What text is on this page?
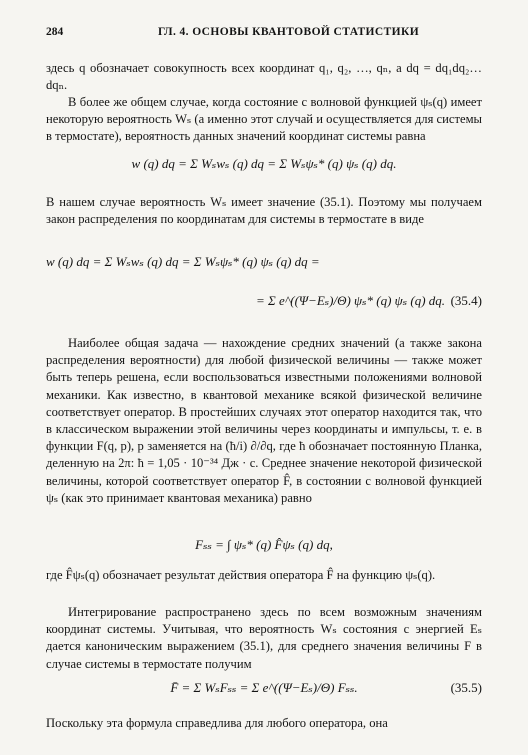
284	ГЛ. 4. ОСНОВЫ КВАНТОВОЙ СТАТИСТИКИ

здесь q обозначает совокупность всех координат q₁, q₂, …, qₙ, а dq = dq₁dq₂…dqₙ.

В более же общем случае, когда состояние с волновой функцией ψₛ(q) имеет некоторую вероятность Wₛ (а именно этот случай и осуществляется для системы в термостате), вероятность данных значений координат системы равна

w (q) dq = Σ Wₛwₛ (q) dq = Σ Wₛψₛ* (q) ψₛ (q) dq.

В нашем случае вероятность Wₛ имеет значение (35.1). Поэтому мы получаем закон распределения по координатам для системы в термостате в виде

w (q) dq = Σ Wₛwₛ (q) dq = Σ Wₛψₛ* (q) ψₛ (q) dq =
= Σ e^((Ψ−Eₛ)/Θ) ψₛ* (q) ψₛ (q) dq. (35.4)

Наиболее общая задача — нахождение средних значений (а также закона распределения вероятности) для любой физической величины — также может быть теперь решена, если воспользоваться известными положениями волновой механики. Как известно, в квантовой механике всякой физической величине соответствует оператор. В простейших случаях этот оператор находится так, что в классическом выражении этой величины через координаты и импульсы, т. е. в функции F(q, p), p заменяется на (ħ/i) ∂/∂q, где ħ обозначает постоянную Планка, деленную на 2π: ħ = 1,05 · 10⁻³⁴ Дж · с. Среднее значение некоторой физической величины, которой соответствует оператор F̂, в состоянии с волновой функцией ψₛ (как это принимает квантовая механика) равно

Fₛₛ = ∫ ψₛ* (q) F̂ψₛ (q) dq,

где F̂ψₛ(q) обозначает результат действия оператора F̂ на функцию ψₛ(q).

Интегрирование распространено здесь по всем возможным значениям координат системы. Учитывая, что вероятность Wₛ состояния с энергией Eₛ дается каноническим выражением (35.1), для среднего значения величины F в случае системы в термостате получим

F̄ = Σ WₛFₛₛ = Σ e^((Ψ−Eₛ)/Θ) Fₛₛ.	(35.5)

Поскольку эта формула справедлива для любого оператора, она
